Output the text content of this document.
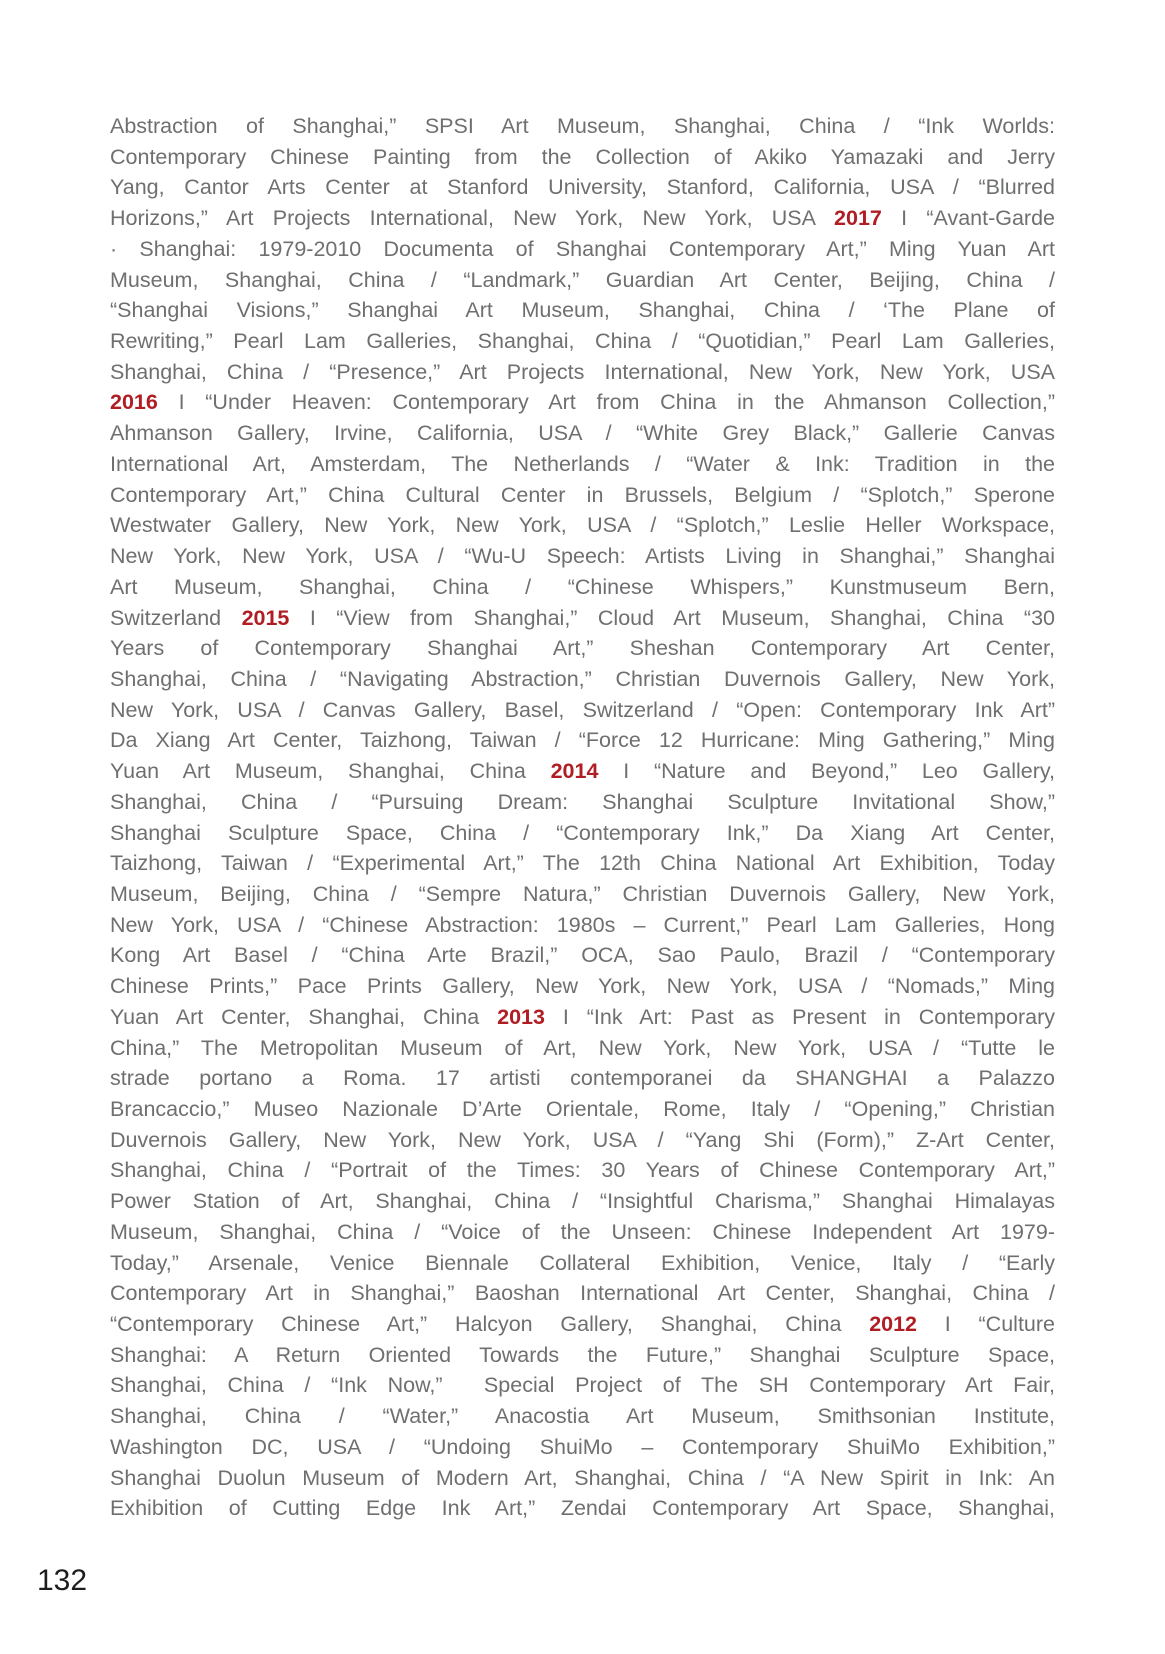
Abstraction of Shanghai,” SPSI Art Museum, Shanghai, China / “Ink Worlds:
Contemporary Chinese Painting from the Collection of Akiko Yamazaki and Jerry
Yang, Cantor Arts Center at Stanford University, Stanford, California, USA / “Blurred
Horizons,” Art Projects International, New York, New York, USA 2017 I “Avant-Garde
· Shanghai: 1979-2010 Documenta of Shanghai Contemporary Art,” Ming Yuan Art
Museum, Shanghai, China / “Landmark,” Guardian Art Center, Beijing, China /
“Shanghai Visions,” Shanghai Art Museum, Shanghai, China / ‘The Plane of
Rewriting,” Pearl Lam Galleries, Shanghai, China / “Quotidian,” Pearl Lam Galleries,
Shanghai, China / “Presence,” Art Projects International, New York, New York, USA
2016 I “Under Heaven: Contemporary Art from China in the Ahmanson Collection,”
Ahmanson Gallery, Irvine, California, USA / “White Grey Black,” Gallerie Canvas
International Art, Amsterdam, The Netherlands / “Water & Ink: Tradition in the
Contemporary Art,” China Cultural Center in Brussels, Belgium / “Splotch,” Sperone
Westwater Gallery, New York, New York, USA / “Splotch,” Leslie Heller Workspace,
New York, New York, USA / “Wu-U Speech: Artists Living in Shanghai,” Shanghai
Art Museum, Shanghai, China / “Chinese Whispers,” Kunstmuseum Bern,
Switzerland 2015 I “View from Shanghai,” Cloud Art Museum, Shanghai, China “30
Years of Contemporary Shanghai Art,” Sheshan Contemporary Art Center,
Shanghai, China / “Navigating Abstraction,” Christian Duvernois Gallery, New York,
New York, USA / Canvas Gallery, Basel, Switzerland / “Open: Contemporary Ink Art”
Da Xiang Art Center, Taizhong, Taiwan / “Force 12 Hurricane: Ming Gathering,” Ming
Yuan Art Museum, Shanghai, China 2014 I “Nature and Beyond,” Leo Gallery,
Shanghai, China / “Pursuing Dream: Shanghai Sculpture Invitational Show,”
Shanghai Sculpture Space, China / “Contemporary Ink,” Da Xiang Art Center,
Taizhong, Taiwan / “Experimental Art,” The 12th China National Art Exhibition, Today
Museum, Beijing, China / “Sempre Natura,” Christian Duvernois Gallery, New York,
New York, USA / “Chinese Abstraction: 1980s – Current,” Pearl Lam Galleries, Hong
Kong Art Basel / “China Arte Brazil,” OCA, Sao Paulo, Brazil / “Contemporary
Chinese Prints,” Pace Prints Gallery, New York, New York, USA / “Nomads,” Ming
Yuan Art Center, Shanghai, China 2013 I “Ink Art: Past as Present in Contemporary
China,” The Metropolitan Museum of Art, New York, New York, USA / “Tutte le
strade portano a Roma. 17 artisti contemporanei da SHANGHAI a Palazzo
Brancaccio,” Museo Nazionale D’Arte Orientale, Rome, Italy / “Opening,” Christian
Duvernois Gallery, New York, New York, USA / “Yang Shi (Form),” Z-Art Center,
Shanghai, China / “Portrait of the Times: 30 Years of Chinese Contemporary Art,”
Power Station of Art, Shanghai, China / “Insightful Charisma,” Shanghai Himalayas
Museum, Shanghai, China / “Voice of the Unseen: Chinese Independent Art 1979-
Today,” Arsenale, Venice Biennale Collateral Exhibition, Venice, Italy / “Early
Contemporary Art in Shanghai,” Baoshan International Art Center, Shanghai, China /
“Contemporary Chinese Art,” Halcyon Gallery, Shanghai, China 2012 I “Culture
Shanghai: A Return Oriented Towards the Future,” Shanghai Sculpture Space,
Shanghai, China / “Ink Now,”  Special Project of The SH Contemporary Art Fair,
Shanghai, China / “Water,” Anacostia Art Museum, Smithsonian Institute,
Washington DC, USA / “Undoing ShuiMo – Contemporary ShuiMo Exhibition,”
Shanghai Duolun Museum of Modern Art, Shanghai, China / “A New Spirit in Ink: An
Exhibition of Cutting Edge Ink Art,” Zendai Contemporary Art Space, Shanghai,
132
